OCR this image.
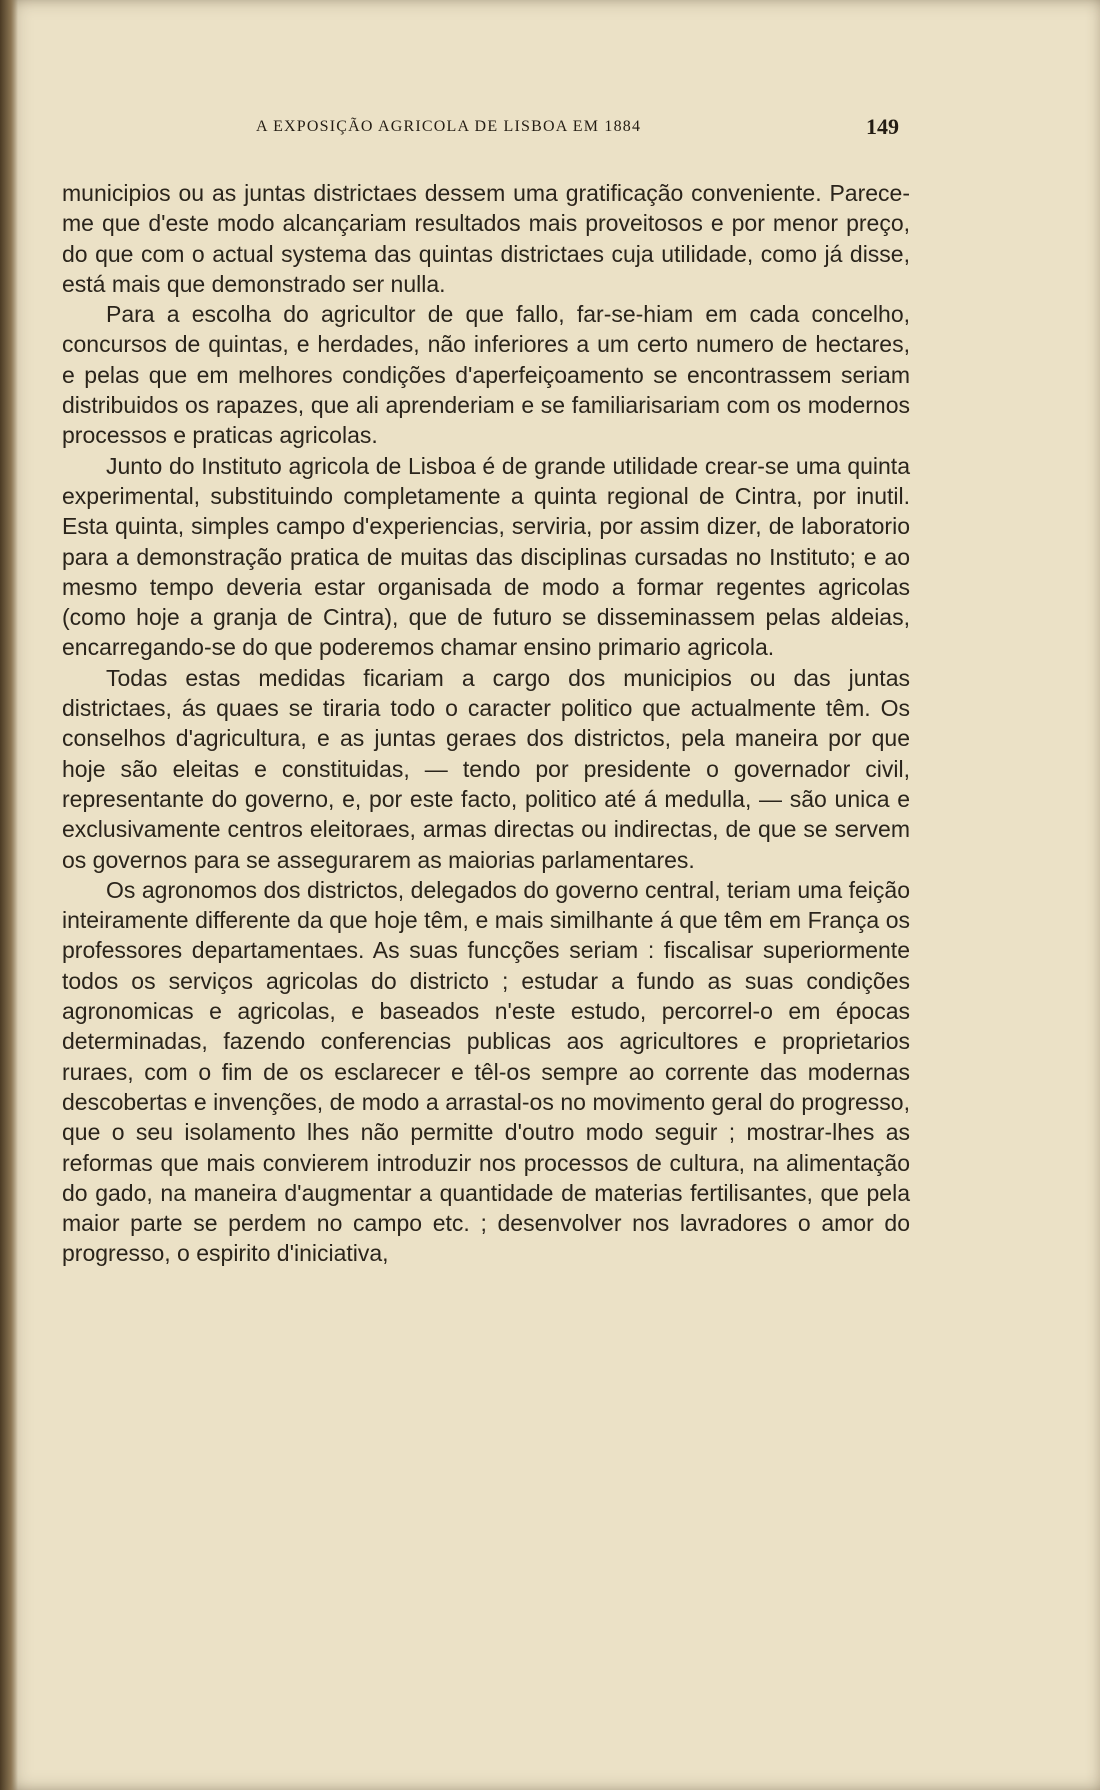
A EXPOSIÇÃO AGRICOLA DE LISBOA EM 1884	149

municipios ou as juntas districtaes dessem uma gratificação conveniente. Parece-me que d'este modo alcançariam resultados mais proveitosos e por menor preço, do que com o actual systema das quintas districtaes cuja utilidade, como já disse, está mais que demonstrado ser nulla.

Para a escolha do agricultor de que fallo, far-se-hiam em cada concelho, concursos de quintas, e herdades, não inferiores a um certo numero de hectares, e pelas que em melhores condições d'aperfeiçoamento se encontrassem seriam distribuidos os rapazes, que ali aprenderiam e se familiarisariam com os modernos processos e praticas agricolas.

Junto do Instituto agricola de Lisboa é de grande utilidade crear-se uma quinta experimental, substituindo completamente a quinta regional de Cintra, por inutil. Esta quinta, simples campo d'experiencias, serviria, por assim dizer, de laboratorio para a demonstração pratica de muitas das disciplinas cursadas no Instituto; e ao mesmo tempo deveria estar organisada de modo a formar regentes agricolas (como hoje a granja de Cintra), que de futuro se disseminassem pelas aldeias, encarregando-se do que poderemos chamar ensino primario agricola.

Todas estas medidas ficariam a cargo dos municipios ou das juntas districtaes, ás quaes se tiraria todo o caracter politico que actualmente têm. Os conselhos d'agricultura, e as juntas geraes dos districtos, pela maneira por que hoje são eleitas e constituidas, — tendo por presidente o governador civil, representante do governo, e, por este facto, politico até á medulla, — são unica e exclusivamente centros eleitoraes, armas directas ou indirectas, de que se servem os governos para se assegurarem as maiorias parlamentares.

Os agronomos dos districtos, delegados do governo central, teriam uma feição inteiramente differente da que hoje têm, e mais similhante á que têm em França os professores departamentaes. As suas funcções seriam : fiscalisar superiormente todos os serviços agricolas do districto ; estudar a fundo as suas condições agronomicas e agricolas, e baseados n'este estudo, percorrel-o em épocas determinadas, fazendo conferencias publicas aos agricultores e proprietarios ruraes, com o fim de os esclarecer e têl-os sempre ao corrente das modernas descobertas e invenções, de modo a arrastal-os no movimento geral do progresso, que o seu isolamento lhes não permitte d'outro modo seguir ; mostrar-lhes as reformas que mais convierem introduzir nos processos de cultura, na alimentação do gado, na maneira d'augmentar a quantidade de materias fertilisantes, que pela maior parte se perdem no campo etc. ; desenvolver nos lavradores o amor do progresso, o espirito d'iniciativa,
